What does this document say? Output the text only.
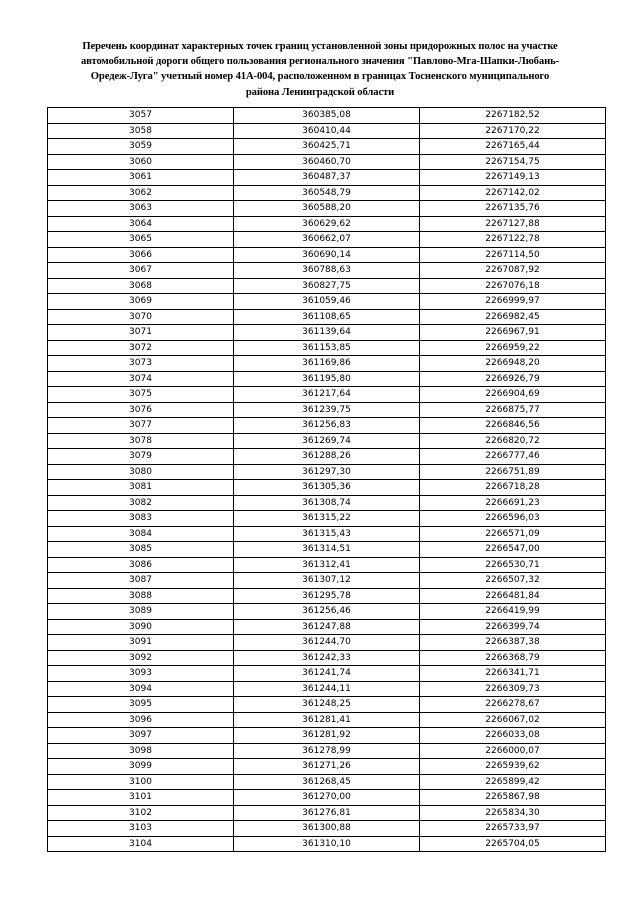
Перечень координат характерных точек границ установленной зоны придорожных полос на участке
автомобильной дороги общего пользования регионального значения "Павлово-Мга-Шапки-Любань-
Оредеж-Луга" учетный номер 41А-004, расположенном в границах Тосненского муниципального
района Ленинградской области
3057	360385,08	2267182,52
3058	360410,44	2267170,22
3059	360425,71	2267165,44
3060	360460,70	2267154,75
3061	360487,37	2267149,13
3062	360548,79	2267142,02
3063	360588,20	2267135,76
3064	360629,62	2267127,88
3065	360662,07	2267122,78
3066	360690,14	2267114,50
3067	360788,63	2267087,92
3068	360827,75	2267076,18
3069	361059,46	2266999,97
3070	361108,65	2266982,45
3071	361139,64	2266967,91
3072	361153,85	2266959,22
3073	361169,86	2266948,20
3074	361195,80	2266926,79
3075	361217,64	2266904,69
3076	361239,75	2266875,77
3077	361256,83	2266846,56
3078	361269,74	2266820,72
3079	361288,26	2266777,46
3080	361297,30	2266751,89
3081	361305,36	2266718,28
3082	361308,74	2266691,23
3083	361315,22	2266596,03
3084	361315,43	2266571,09
3085	361314,51	2266547,00
3086	361312,41	2266530,71
3087	361307,12	2266507,32
3088	361295,78	2266481,84
3089	361256,46	2266419,99
3090	361247,88	2266399,74
3091	361244,70	2266387,38
3092	361242,33	2266368,79
3093	361241,74	2266341,71
3094	361244,11	2266309,73
3095	361248,25	2266278,67
3096	361281,41	2266067,02
3097	361281,92	2266033,08
3098	361278,99	2266000,07
3099	361271,26	2265939,62
3100	361268,45	2265899,42
3101	361270,00	2265867,98
3102	361276,81	2265834,30
3103	361300,88	2265733,97
3104	361310,10	2265704,05
